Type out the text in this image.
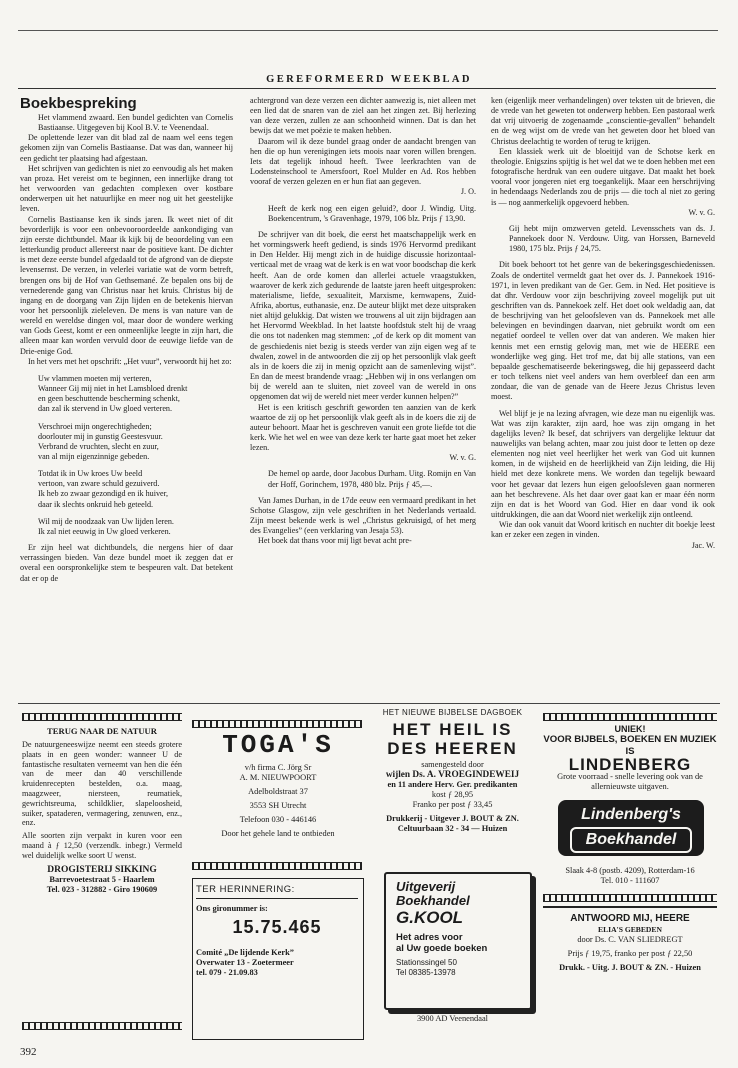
GEREFORMEERD WEEKBLAD
Boekbespreking

Het vlammend zwaard. Een bundel gedichten van Cornelis Bastiaanse. Uitgegeven bij Kool B.V. te Veenendaal.

De oplettende lezer van dit blad zal de naam wel eens tegen gekomen zijn van Cornelis Bastiaanse. Dat was dan, wanneer hij een gedicht ter plaatsing had afgestaan.

Het schrijven van gedichten is niet zo eenvoudig als het maken van proza. Het vereist om te beginnen, een innerlijke drang tot het verwoorden van gedachten complexen over kostbare onderwerpen uit het natuurlijke en meer nog uit het geestelijke leven.

Cornelis Bastiaanse ken ik sinds jaren. Ik weet niet of dit bevorderlijk is voor een onbevooroordeelde aankondiging van zijn eerste dichtbundel. Maar ik kijk bij de beoordeling van een letterkundig product allereerst naar de positieve kant. De dichter is met deze eerste bundel afgedaald tot de afgrond van de diepste levensernst. De verzen, in velerlei variatie wat de vorm betreft, brengen ons bij de Hof van Gethsemané. Ze bepalen ons bij de vernederende gang van Christus naar het kruis. Christus bij de ingang en de doorgang van Zijn lijden en de betekenis hiervan voor het persoonlijk zieleleven. De mens is van nature van de wereld en wereldse dingen vol, maar door de wondere werking van Gods Geest, komt er een onmeenlijke leegte in zijn hart, die alleen maar kan worden vervuld door de eeuwige liefde van de Drie-enige God.

In het vers met het opschrift: „Het vuur”, verwoordt hij het zo:

Uw vlammen moeten mij verteren,

Wanneer Gij mij niet in het Lamsbloed drenkt

en geen beschuttende bescherming schenkt,

dan zal ik stervend in Uw gloed verteren.

Verschroei mijn ongerechtigheden;

doorlouter mij in gunstig Geestesvuur.

Verbrand de vruchten, slecht en zuur,

van al mijn eigenzinnige gebeden.

Totdat ik in Uw kroes Uw beeld

vertoon, van zware schuld gezuiverd.

Ik heb zo zwaar gezondigd en ik huiver,

daar ik slechts onkruid heb geteeld.

Wil mij de noodzaak van Uw lijden leren.

Ik zal niet eeuwig in Uw gloed verkeren.

Er zijn heel wat dichtbundels, die nergens hier of daar verrassingen bieden. Van deze bundel moet ik zeggen dat er overal een oorspronkelijke stem te bespeuren valt. Dat betekent dat er op de

achtergrond van deze verzen een dichter aanwezig is, niet alleen met een lied dat de snaren van de ziel aan het zingen zet. Bij herlezing van deze verzen, zullen ze aan schoonheid winnen. Dat is dan het bewijs dat we met poëzie te maken hebben.

Daarom wil ik deze bundel graag onder de aandacht brengen van hen die op hun verenigingen iets moois naar voren willen brengen. Iets dat tegelijk inhoud heeft. Twee leerkrachten van de Lodensteinschool te Amersfoort, Roel Mulder en Ad. Ros hebben vooraf de verzen gelezen en er hun fiat aan gegeven.

J. O.

Heeft de kerk nog een eigen geluid?, door J. Windig. Uitg. Boekencentrum, 's Gravenhage, 1979, 106 blz. Prijs ƒ 13,90.

De schrijver van dit boek, die eerst het maatschappelijk werk en het vormingswerk heeft gediend, is sinds 1976 Hervormd predikant in Den Helder. Hij mengt zich in de huidige discussie horizontaal-verticaal met de vraag wat de kerk is en wat voor boodschap die kerk heeft. Aan de orde komen dan allerlei actuele vraagstukken, waarover de kerk zich gedurende de laatste jaren heeft uitgesproken: materialisme, liefde, sexualiteit, Marxisme, kernwapens, Zuid-Afrika, abortus, euthanasie, enz. De auteur blijkt met deze uitspraken niet altijd gelukkig. Dat wisten we trouwens al uit zijn bijdragen aan het Hervormd Weekblad. In het laatste hoofdstuk stelt hij de vraag die ons tot nadenken mag stemmen: „of de kerk op dit moment van de geschiedenis niet bezig is steeds verder van zijn eigen weg af te dwalen, zowel in de antwoorden die zij op het persoonlijk vlak geeft als in de koers die zij in menig opzicht aan de samenleving wijst”. En dan de meest brandende vraag: „Hebben wij in ons verlangen om bij de wereld aan te sluiten, niet zoveel van de wereld in ons opgenomen dat wij de wereld niet meer verder kunnen helpen?”

Het is een kritisch geschrift geworden ten aanzien van de kerk waartoe de zij op het persoonlijk vlak geeft als in de koers die zij de auteur behoort. Maar het is geschreven vanuit een grote liefde tot die kerk. Wie het wel en wee van deze kerk ter harte gaat moet het zeker lezen.

W. v. G.

De hemel op aarde, door Jacobus Durham. Uitg. Romijn en Van der Hoff, Gorinchem, 1978, 480 blz. Prijs ƒ 45,—.

Van James Durhan, in de 17de eeuw een vermaard predikant in het Schotse Glasgow, zijn vele geschriften in het Nederlands vertaald. Zijn meest bekende werk is wel „Christus gekruisigd, of het merg des Evangelies” (een verklaring van Jesaja 53).

Het boek dat thans voor mij ligt bevat acht pre-

ken (eigenlijk meer verhandelingen) over teksten uit de brieven, die de vrede van het geweten tot onderwerp hebben. Een pastoraal werk dat vrij uitvoerig de zogenaamde „conscientie-gevallen” behandelt en de weg wijst om de vrede van het geweten door het bloed van Christus deelachtig te worden of terug te krijgen.

Een klassiek werk uit de bloeitijd van de Schotse kerk en theologie. Enigszins spijtig is het wel dat we te doen hebben met een fotografische herdruk van een oudere uitgave. Dat maakt het boek vooral voor jongeren niet erg toegankelijk. Maar een herschrijving in hedendaags Nederlands zou de prijs — die toch al niet zo gering is — nog aanmerkelijk opgevoerd hebben.

W. v. G.

Gij hebt mijn omzwerven geteld. Levensschets van ds. J. Pannekoek door N. Verdouw. Uitg. van Horssen, Barneveld 1980, 175 blz. Prijs ƒ 24,75.

Dit boek behoort tot het genre van de bekeringsgeschiedenissen. Zoals de ondertitel vermeldt gaat het over ds. J. Pannekoek 1916-1971, in leven predikant van de Ger. Gem. in Ned. Het positieve is dat dhr. Verdouw voor zijn beschrijving zoveel mogelijk put uit geschriften van ds. Pannekoek zelf. Het doet ook weldadig aan, dat de beschrijving van het geloofsleven van ds. Pannekoek met alle belevingen en bevindingen daarvan, niet gebruikt wordt om een negatief oordeel te vellen over dat van anderen. We maken hier kennis met een ernstig gelovig man, met wie de HEERE een wonderlijke weg ging. Het trof me, dat bij alle stations, van een bepaalde geschematiseerde bekeringsweg, die hij gepasseerd dacht er toch telkens niet veel anders van hem overbleef dan een arm zondaar, die van de genade van de Heere Jezus Christus leven moest.

Wel blijf je je na lezing afvragen, wie deze man nu eigenlijk was. Wat was zijn karakter, zijn aard, hoe was zijn omgang in het dagelijks leven? Ik besef, dat schrijvers van dergelijke lektuur dat nauwelijks van belang achten, maar zou juist door te letten op deze elementen nog niet veel heerlijker het werk van God uit kunnen komen, in de wijsheid en de heerlijkheid van Zijn leiding, die Hij hield met deze konkrete mens. We worden dan tegelijk bewaard voor het gevaar dat lezers hun eigen geloofsleven gaan normeren aan het beschrevene. Als het daar over gaat kan er maar één norm zijn en dat is het Woord van God. Hier en daar vond ik ook uitdrukkingen, die aan dat Woord niet werkelijk zijn ontleend.

Wie dan ook vanuit dat Woord kritisch en nuchter dit boekje leest kan er zeker een zegen in vinden.

Jac. W.

TERUG NAAR DE NATUUR

De natuurgeneeswijze neemt een steeds grotere plaats in en geen wonder: wanneer U de fantastische resultaten verneemt van hen die één van de meer dan 40 verschillende kruidenrecepten bestelden, o.a. maag, maagzweer, niersteen, reumatiek, gewrichtsreuma, schildklier, slapeloosheid, suiker, spataderen, vermagering, zenuwen, enz., enz.

Alle soorten zijn verpakt in kuren voor een maand à ƒ 12,50 (verzendk. inbegr.) Vermeld wel duidelijk welke soort U wenst.

DROGISTERIJ SIKKING

Barrevoetestraat 5 - Haarlem

Tel. 023 - 312882 - Giro 190609

TOGA'S

v/h firma C. Jörg Sr

A. M. NIEUWPOORT

Adelboldstraat 37

3553 SH Utrecht

Telefoon 030 - 446146

Door het gehele land te ontbieden

TER HERINNERING:

Ons gironummer is:

15.75.465

Comité „De lijdende Kerk”

Overwater 13 - Zoetermeer

tel. 079 - 21.09.83

HET NIEUWE BIJBELSE DAGBOEK

HET HEIL IS DES HEEREN

samengesteld door

wijlen Ds. A. VROEGINDEWEIJ

en 11 andere Herv. Ger. predikanten

kost ƒ 28,95

Franko per post ƒ 33,45

Drukkerij - Uitgever J. BOUT & ZN.

Celtuurbaan 32 - 34 — Huizen

Uitgeverij
Boekhandel
G.KOOL
Het adres voor
al Uw goede boeken
Stationssingel 50
Tel 08385-13978
3900 AD Veenendaal

UNIEK!

VOOR BIJBELS, BOEKEN EN MUZIEK IS

LINDENBERG

Grote voorraad - snelle levering ook van de allernieuwste uitgaven.

Lindenberg's
Boekhandel

Slaak 4-8 (postb. 4209), Rotterdam-16

Tel. 010 - 111607

ANTWOORD MIJ, HEERE

ELIA'S GEBEDEN

door Ds. C. VAN SLIEDREGT

Prijs ƒ 19,75, franko per post ƒ 22,50

Drukk. - Uitg. J. BOUT & ZN. - Huizen

392
